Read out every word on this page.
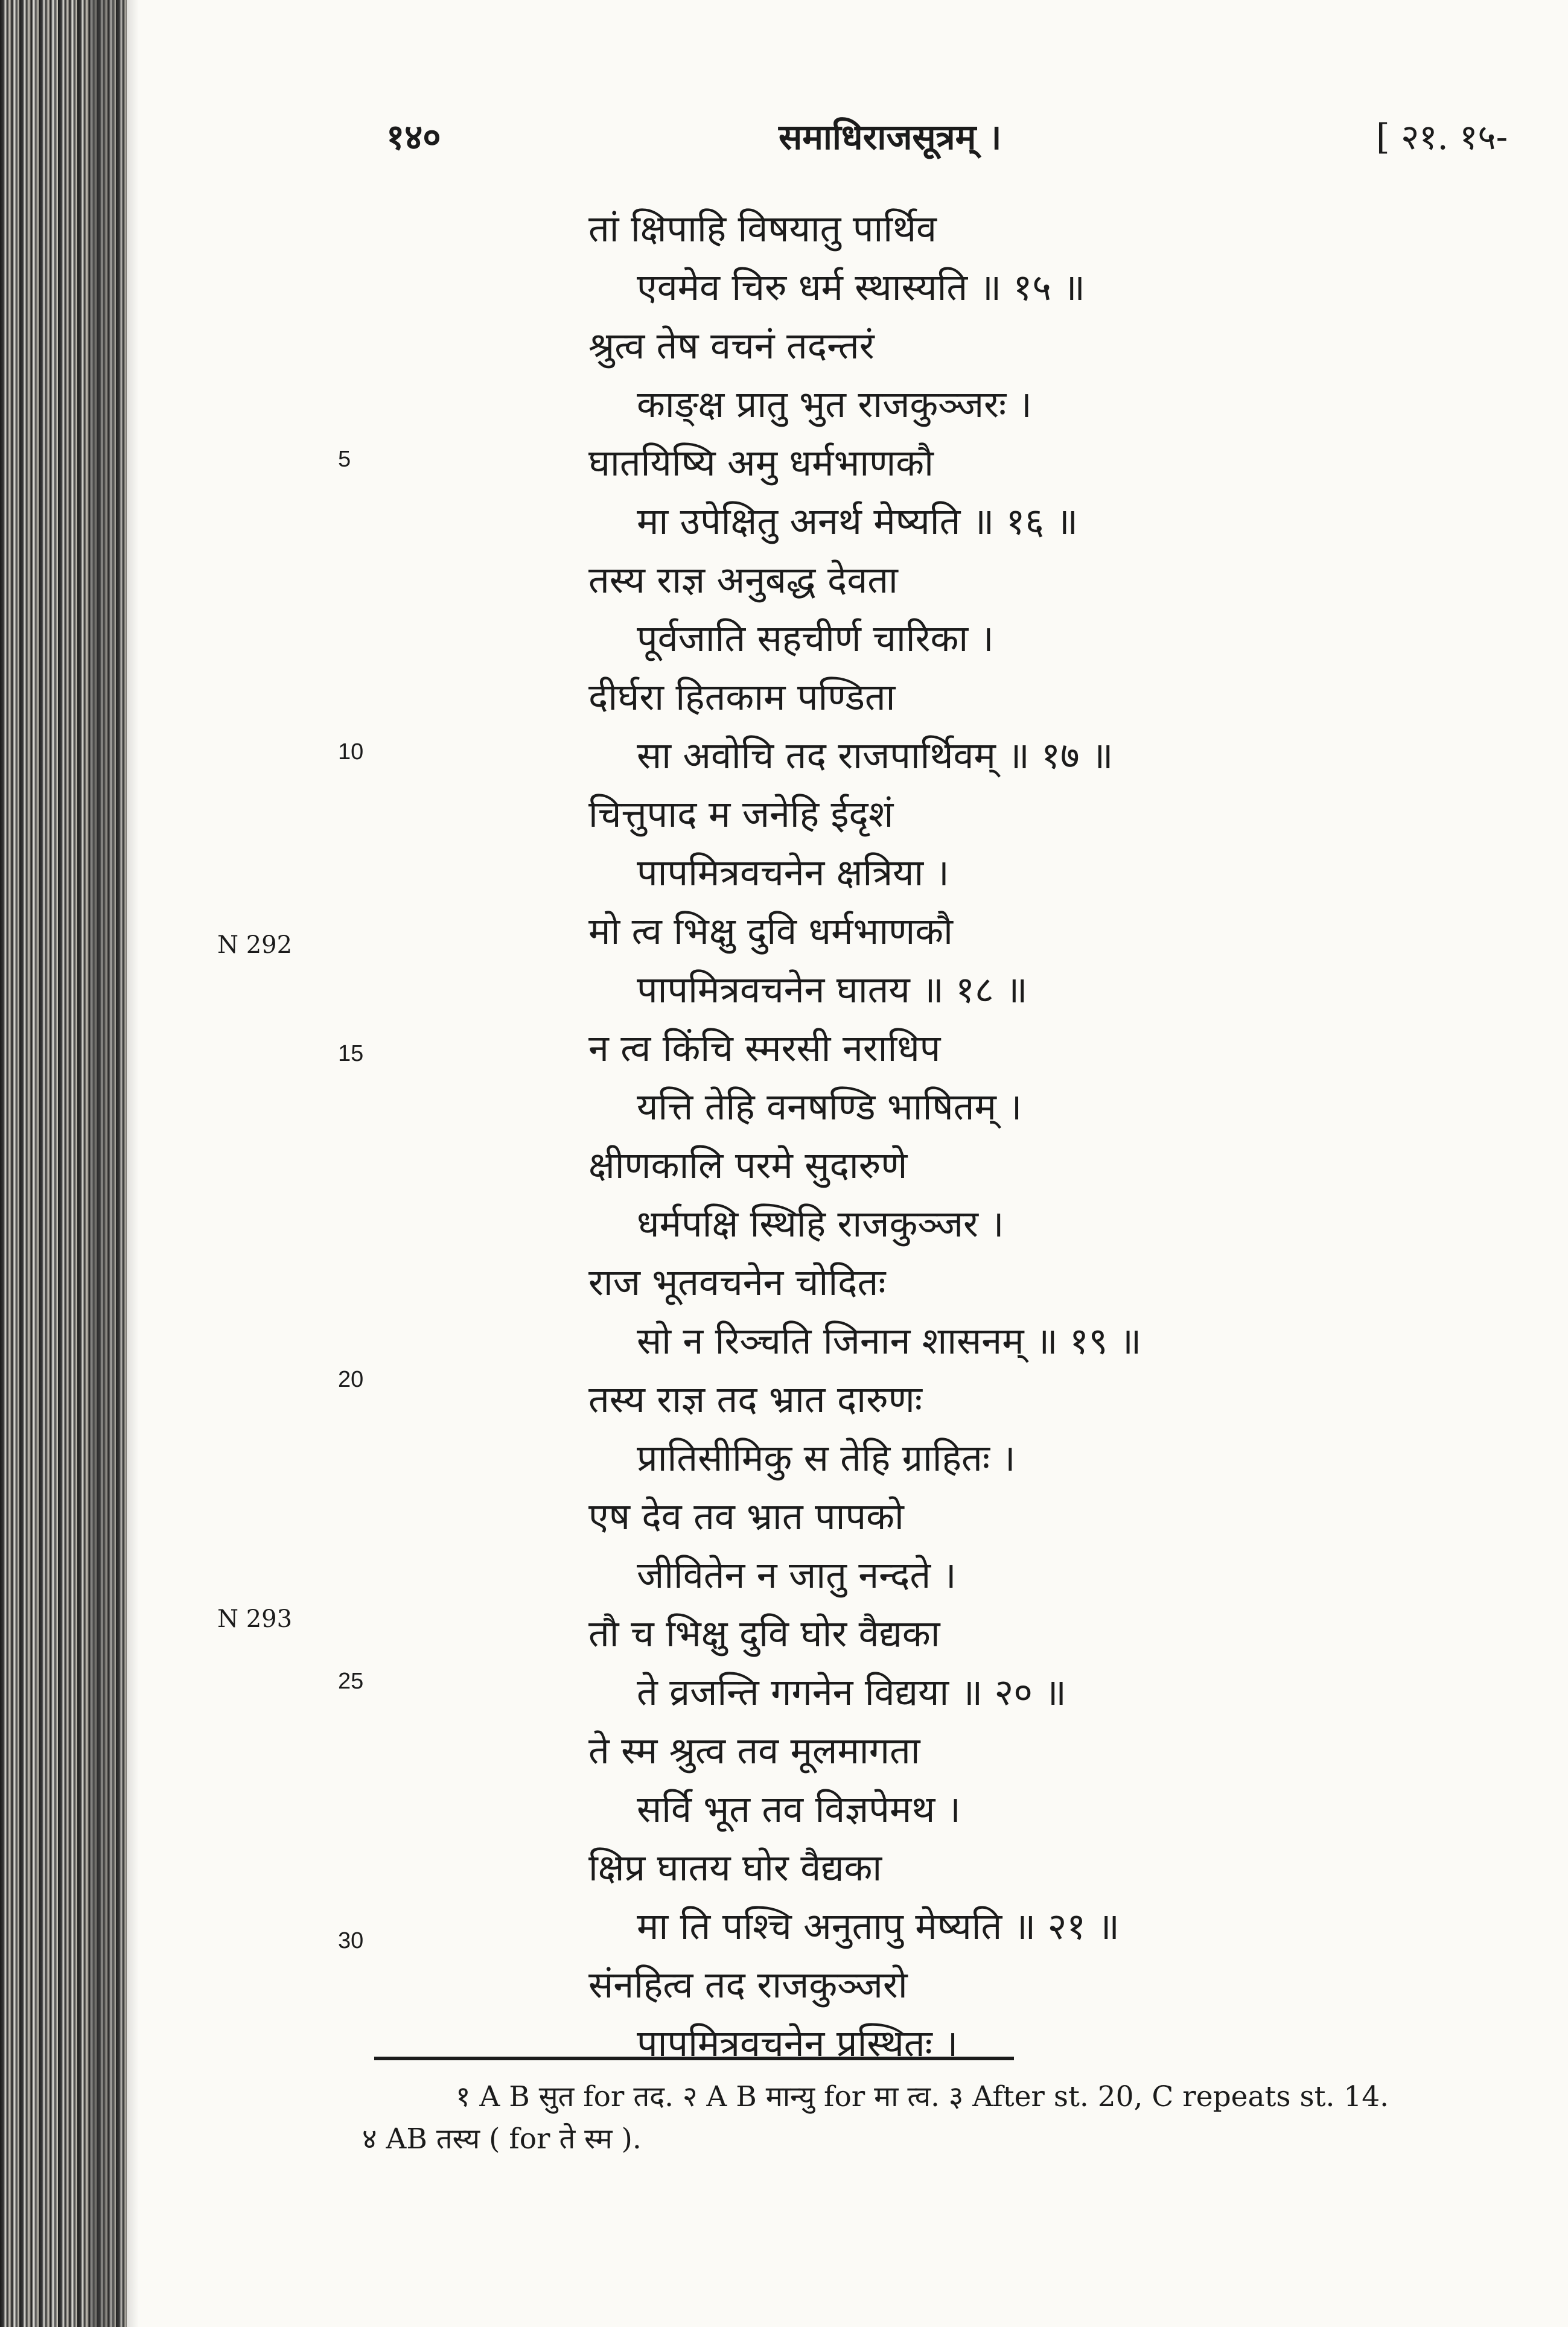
१४०	समाधिराजसूत्रम् ।	[ २१. १५-
तां क्षिपाहि विषयातु पार्थिव
एवमेव चिरु धर्म स्थास्यति ॥ १५ ॥
श्रुत्व तेष वचनं तदन्तरं
काङ्क्ष प्रातु भुत राजकुञ्जरः ।
घातयिष्यि अमु धर्मभाणकौ
मा उपेक्षितु अनर्थ मेष्यति ॥ १६ ॥
तस्य राज्ञ अनुबद्ध देवता
पूर्वजाति सहचीर्ण चारिका ।
दीर्घरा हितकाम पण्डिता
सा अवोचि तद राजपार्थिवम् ॥ १७ ॥
चित्तुपाद म जनेहि ईदृशं
पापमित्रवचनेन क्षत्रिया ।
मो त्व भिक्षु दुवि धर्मभाणकौ
पापमित्रवचनेन घातय ॥ १८ ॥
न त्व किंचि स्मरसी नराधिप
यत्ति तेहि वनषण्डि भाषितम् ।
क्षीणकालि परमे सुदारुणे
धर्मपक्षि स्थिहि राजकुञ्जर ।
राज भूतवचनेन चोदितः
सो न रिञ्चति जिनान शासनम् ॥ १९ ॥
तस्य राज्ञ तद भ्रात दारुणः
प्रातिसीमिकु स तेहि ग्राहितः ।
एष देव तव भ्रात पापको
जीवितेन न जातु नन्दते ।
तौ च भिक्षु दुवि घोर वैद्यका
ते व्रजन्ति गगनेन विद्यया ॥ २० ॥
ते स्म श्रुत्व तव मूलमागता
सर्वि भूत तव विज्ञपेमथ ।
क्षिप्र घातय घोर वैद्यका
मा ति पश्चि अनुतापु मेष्यति ॥ २१ ॥
संनहित्व तद राजकुञ्जरो
पापमित्रवचनेन प्रस्थितः ।
5
10
15
20
25
30
N 292
N 293
१ A B सुत for तद. २ A B मान्यु for मा त्व. ३ After st. 20, C repeats st. 14.
४ AB तस्य ( for ते स्म ).
